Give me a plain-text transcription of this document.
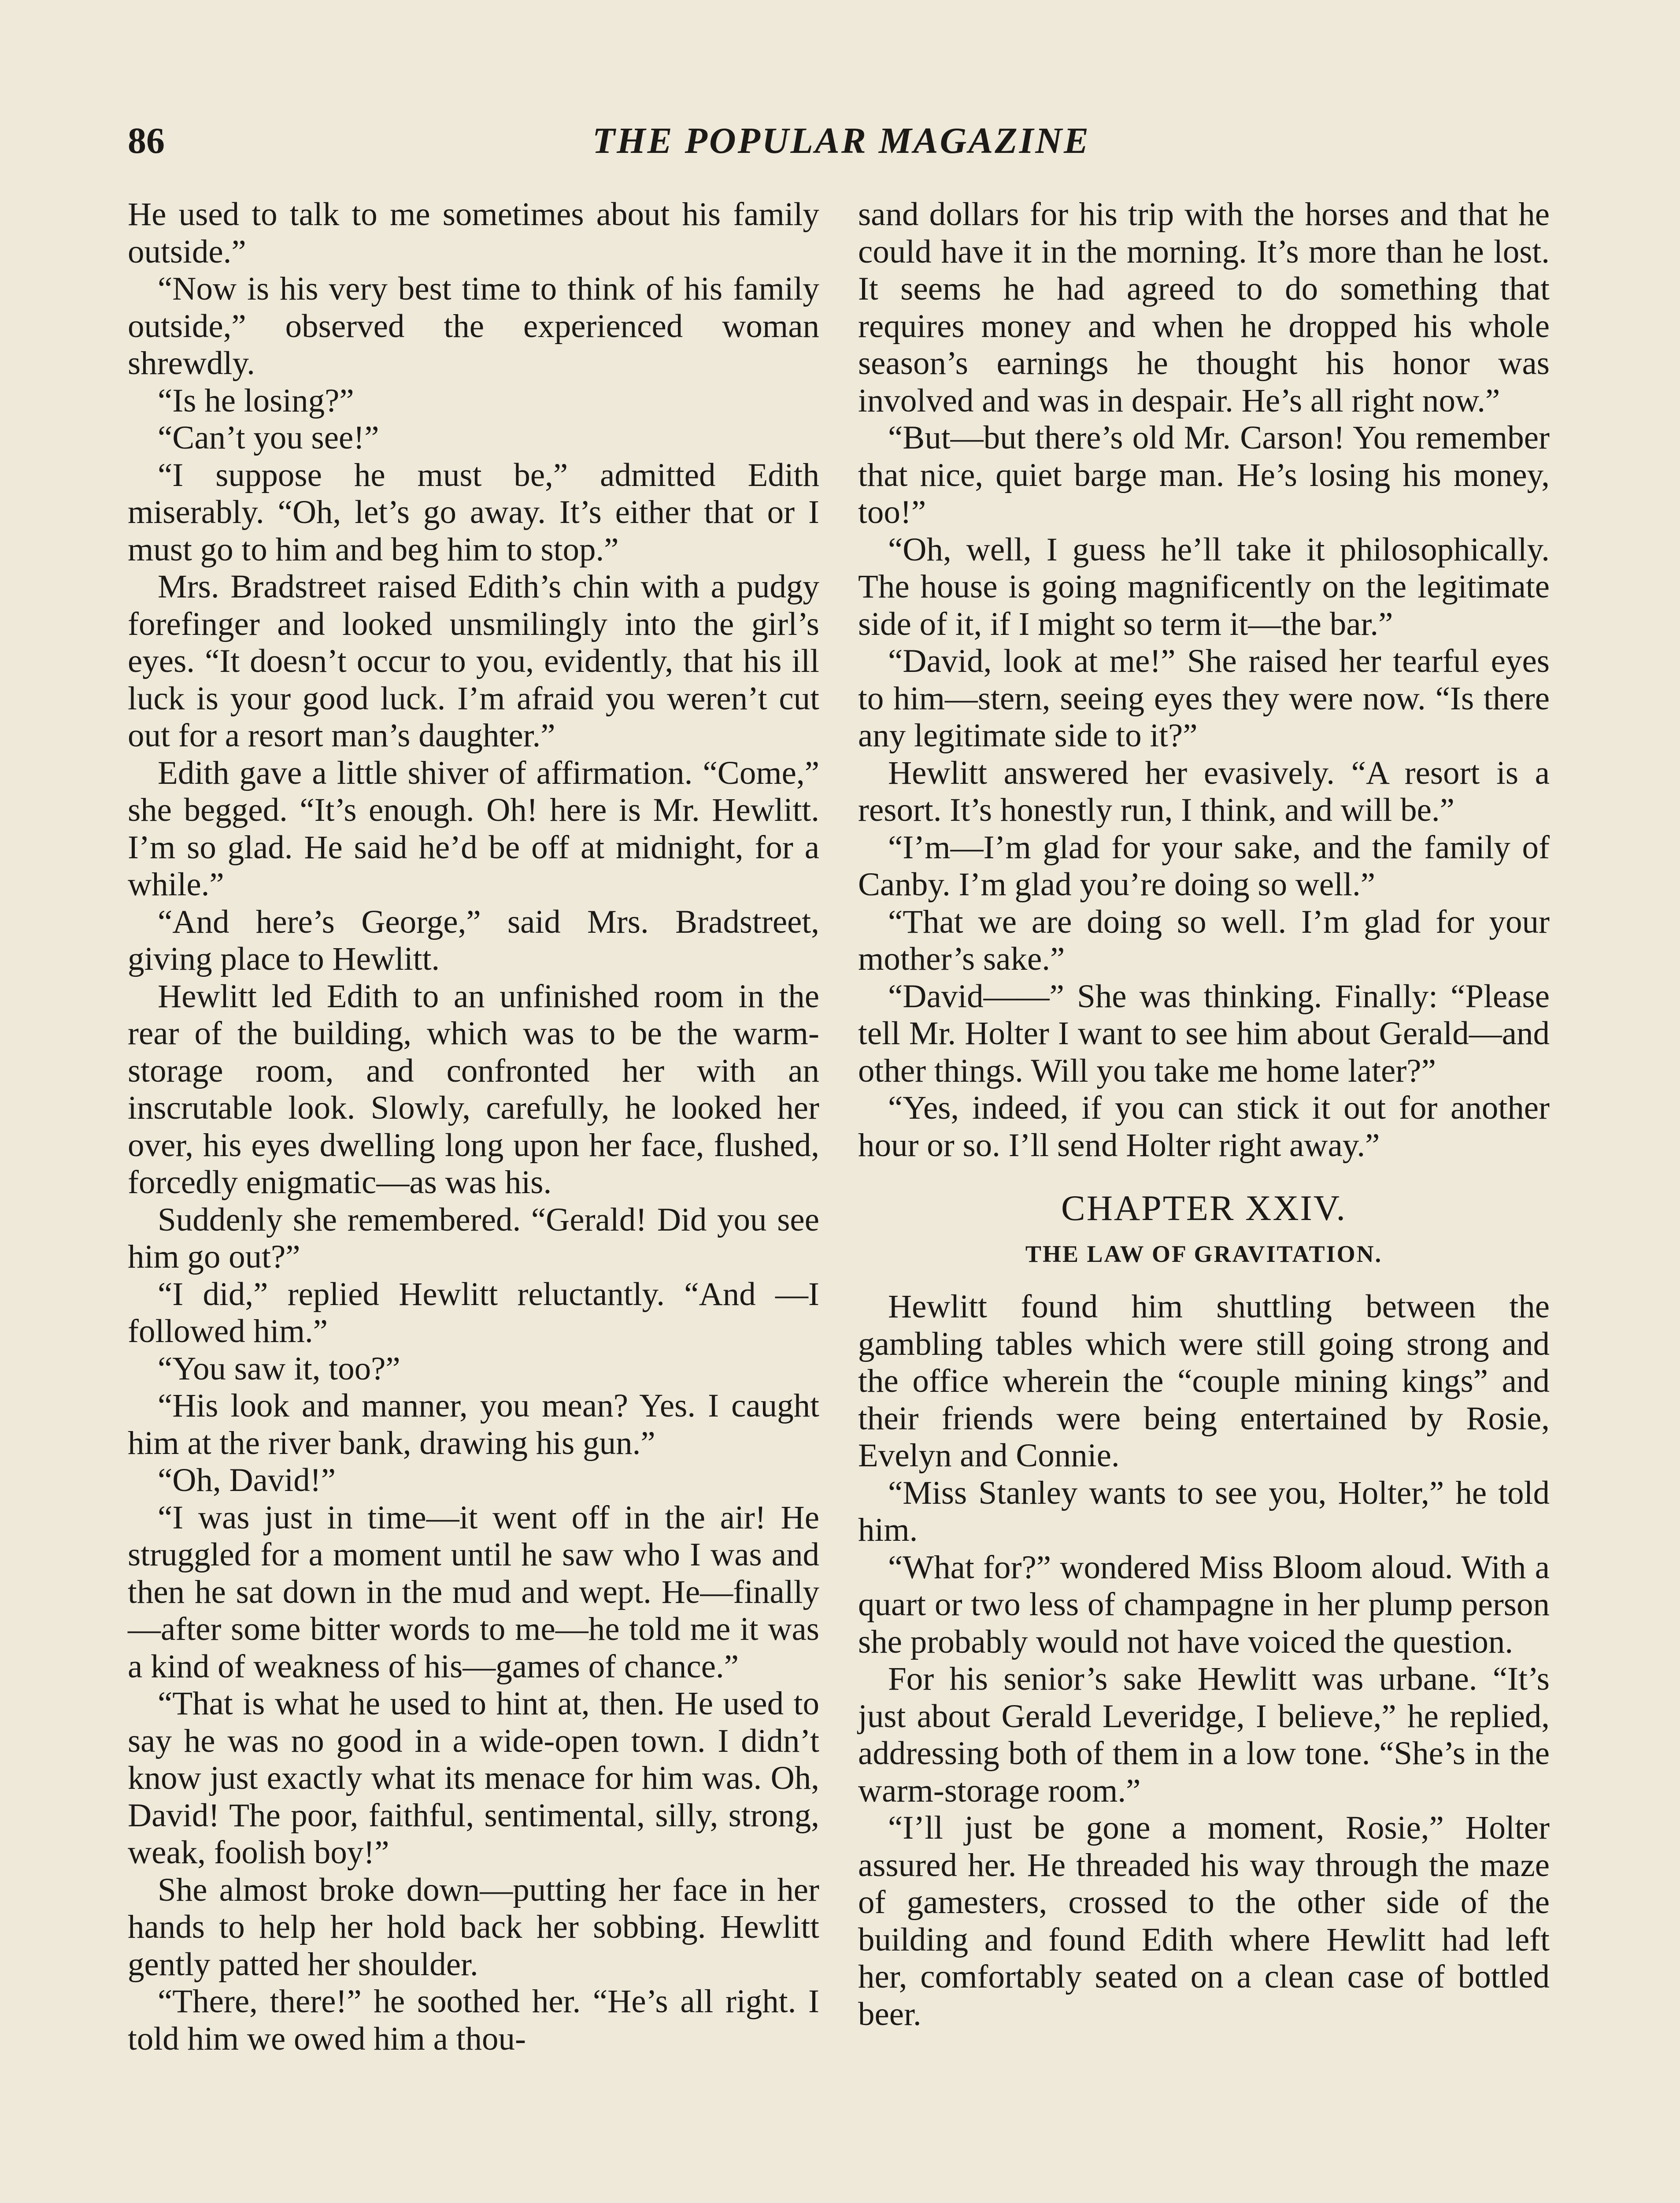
86	THE POPULAR MAGAZINE

He used to talk to me sometimes about his family outside.”

“Now is his very best time to think of his family outside,” observed the experienced woman shrewdly.

“Is he losing?”

“Can’t you see!”

“I suppose he must be,” admitted Edith miserably. “Oh, let’s go away. It’s either that or I must go to him and beg him to stop.”

Mrs. Bradstreet raised Edith’s chin with a pudgy forefinger and looked unsmilingly into the girl’s eyes. “It doesn’t occur to you, evidently, that his ill luck is your good luck. I’m afraid you weren’t cut out for a resort man’s daughter.”

Edith gave a little shiver of affirmation. “Come,” she begged. “It’s enough. Oh! here is Mr. Hewlitt. I’m so glad. He said he’d be off at midnight, for a while.”

“And here’s George,” said Mrs. Bradstreet, giving place to Hewlitt.

Hewlitt led Edith to an unfinished room in the rear of the building, which was to be the warm-storage room, and confronted her with an inscrutable look. Slowly, carefully, he looked her over, his eyes dwelling long upon her face, flushed, forcedly enigmatic—as was his.

Suddenly she remembered. “Gerald! Did you see him go out?”

“I did,” replied Hewlitt reluctantly. “And —I followed him.”

“You saw it, too?”

“His look and manner, you mean? Yes. I caught him at the river bank, drawing his gun.”

“Oh, David!”

“I was just in time—it went off in the air! He struggled for a moment until he saw who I was and then he sat down in the mud and wept. He—finally—after some bitter words to me—he told me it was a kind of weakness of his—games of chance.”

“That is what he used to hint at, then. He used to say he was no good in a wide-open town. I didn’t know just exactly what its menace for him was. Oh, David! The poor, faithful, sentimental, silly, strong, weak, foolish boy!”

She almost broke down—putting her face in her hands to help her hold back her sobbing. Hewlitt gently patted her shoulder.

“There, there!” he soothed her. “He’s all right. I told him we owed him a thou-

sand dollars for his trip with the horses and that he could have it in the morning. It’s more than he lost. It seems he had agreed to do something that requires money and when he dropped his whole season’s earnings he thought his honor was involved and was in despair. He’s all right now.”

“But—but there’s old Mr. Carson! You remember that nice, quiet barge man. He’s losing his money, too!”

“Oh, well, I guess he’ll take it philosophically. The house is going magnificently on the legitimate side of it, if I might so term it—the bar.”

“David, look at me!” She raised her tearful eyes to him—stern, seeing eyes they were now. “Is there any legitimate side to it?”

Hewlitt answered her evasively. “A resort is a resort. It’s honestly run, I think, and will be.”

“I’m—I’m glad for your sake, and the family of Canby. I’m glad you’re doing so well.”

“That we are doing so well. I’m glad for your mother’s sake.”

“David——” She was thinking. Finally: “Please tell Mr. Holter I want to see him about Gerald—and other things. Will you take me home later?”

“Yes, indeed, if you can stick it out for another hour or so. I’ll send Holter right away.”

CHAPTER XXIV.
THE LAW OF GRAVITATION.

Hewlitt found him shuttling between the gambling tables which were still going strong and the office wherein the “couple mining kings” and their friends were being entertained by Rosie, Evelyn and Connie.

“Miss Stanley wants to see you, Holter,” he told him.

“What for?” wondered Miss Bloom aloud. With a quart or two less of champagne in her plump person she probably would not have voiced the question.

For his senior’s sake Hewlitt was urbane. “It’s just about Gerald Leveridge, I believe,” he replied, addressing both of them in a low tone. “She’s in the warm-storage room.”

“I’ll just be gone a moment, Rosie,” Holter assured her. He threaded his way through the maze of gamesters, crossed to the other side of the building and found Edith where Hewlitt had left her, comfortably seated on a clean case of bottled beer.
